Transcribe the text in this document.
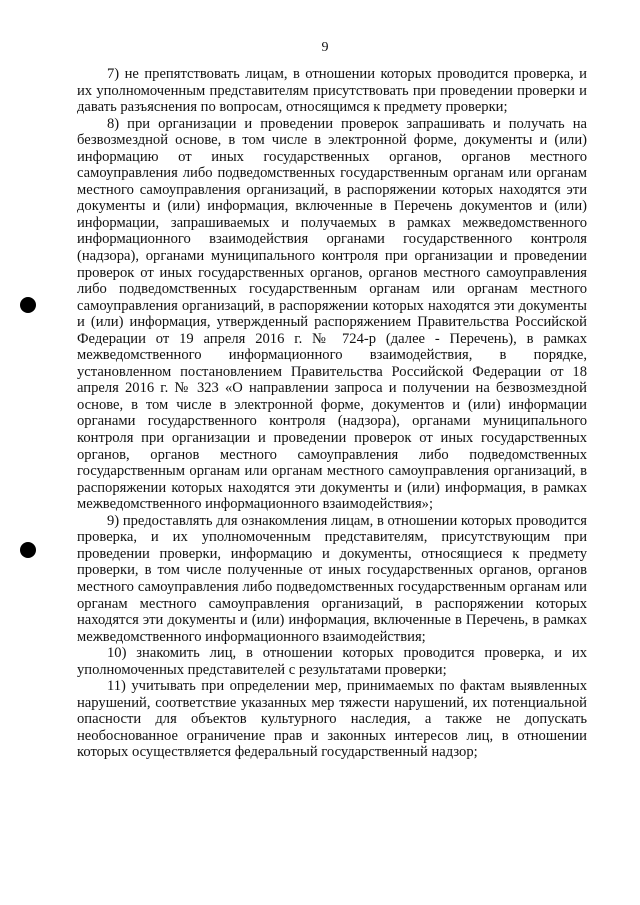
9

7) не препятствовать лицам, в отношении которых проводится проверка, и их уполномоченным представителям присутствовать при проведении проверки и давать разъяснения по вопросам, относящимся к предмету проверки;

8) при организации и проведении проверок запрашивать и получать на безвозмездной основе, в том числе в электронной форме, документы и (или) информацию от иных государственных органов, органов местного самоуправления либо подведомственных государственным органам или органам местного самоуправления организаций, в распоряжении которых находятся эти документы и (или) информация, включенные в Перечень документов и (или) информации, запрашиваемых и получаемых в рамках межведомственного информационного взаимодействия органами государственного контроля (надзора), органами муниципального контроля при организации и проведении проверок от иных государственных органов, органов местного самоуправления либо подведомственных государственным органам или органам местного самоуправления организаций, в распоряжении которых находятся эти документы и (или) информация, утвержденный распоряжением Правительства Российской Федерации от 19 апреля 2016 г. № 724-р (далее - Перечень), в рамках межведомственного информационного взаимодействия, в порядке, установленном постановлением Правительства Российской Федерации от 18 апреля 2016 г. № 323 «О направлении запроса и получении на безвозмездной основе, в том числе в электронной форме, документов и (или) информации органами государственного контроля (надзора), органами муниципального контроля при организации и проведении проверок от иных государственных органов, органов местного самоуправления либо подведомственных государственным органам или органам местного самоуправления организаций, в распоряжении которых находятся эти документы и (или) информация, в рамках межведомственного информационного взаимодействия»;

9) предоставлять для ознакомления лицам, в отношении которых проводится проверка, и их уполномоченным представителям, присутствующим при проведении проверки, информацию и документы, относящиеся к предмету проверки, в том числе полученные от иных государственных органов, органов местного самоуправления либо подведомственных государственным органам или органам местного самоуправления организаций, в распоряжении которых находятся эти документы и (или) информация, включенные в Перечень, в рамках межведомственного информационного взаимодействия;

10) знакомить лиц, в отношении которых проводится проверка, и их уполномоченных представителей с результатами проверки;

11) учитывать при определении мер, принимаемых по фактам выявленных нарушений, соответствие указанных мер тяжести нарушений, их потенциальной опасности для объектов культурного наследия, а также не допускать необоснованное ограничение прав и законных интересов лиц, в отношении которых осуществляется федеральный государственный надзор;
